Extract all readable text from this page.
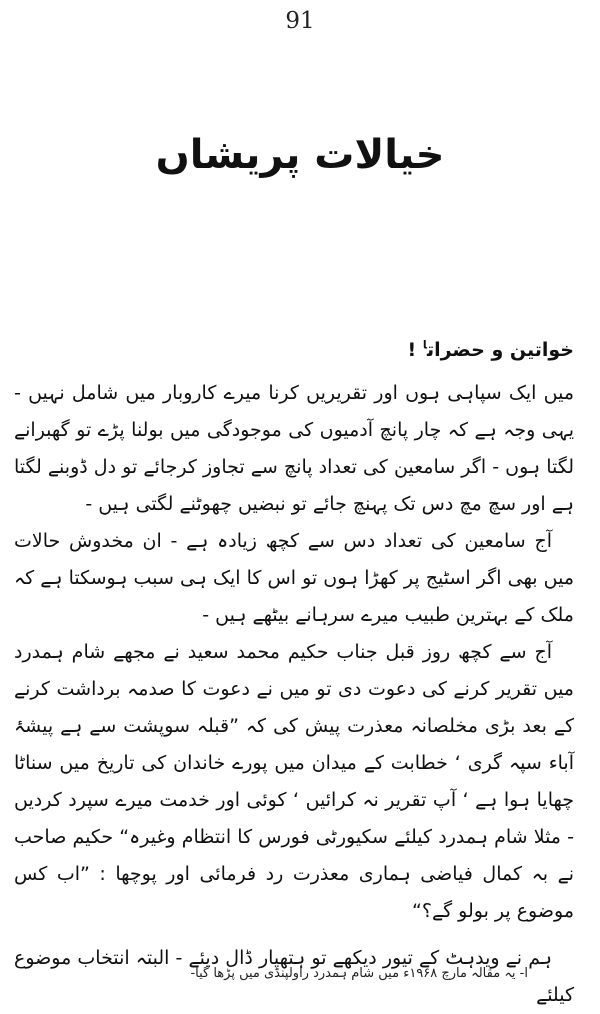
91
خیالات پریشاں

خواتین و حضرات$^ا$ !

میں ایک سپاہی ہوں اور تقریریں کرنا میرے کاروبار میں شامل نہیں - یہی وجہ ہے کہ چار پانچ آدمیوں کی موجودگی میں بولنا پڑے تو گھبرانے لگتا ہوں - اگر سامعین کی تعداد پانچ سے تجاوز کرجائے تو دل ڈوبنے لگتا ہے اور سچ مچ دس تک پہنچ جائے تو نبضیں چھوٹنے لگتی ہیں -

آج سامعین کی تعداد دس سے کچھ زیادہ ہے - ان مخدوش حالات میں بھی اگر اسٹیج پر کھڑا ہوں تو اس کا ایک ہی سبب ہوسکتا ہے کہ ملک کے بہترین طبیب میرے سرہانے بیٹھے ہیں -

آج سے کچھ روز قبل جناب حکیم محمد سعید نے مجھے شام ہمدرد میں تقریر کرنے کی دعوت دی تو میں نے دعوت کا صدمہ برداشت کرنے کے بعد بڑی مخلصانہ معذرت پیش کی کہ ”قبلہ سوپشت سے ہے پیشۂ آباء سپہ گری ‘ خطابت کے میدان میں پورے خاندان کی تاریخ میں سناٹا چھایا ہوا ہے ‘ آپ تقریر نہ کرائیں ‘ کوئی اور خدمت میرے سپرد کردیں - مثلا شام ہمدرد کیلئے سکیورٹی فورس کا انتظام وغیرہ“ حکیم صاحب نے بہ کمال فیاضی ہماری معذرت رد فرمائی اور پوچھا : ”اب کس موضوع پر بولو گے؟“

ہم نے ویدہٹ کے تیور دیکھے تو ہتھیار ڈال دیئے - البتہ انتخاب موضوع کیلئے

ا- یہ مقالہ مارچ ۱۹۶۸ء میں شام ہمدرد راولپنڈی میں پڑھا گیا-
